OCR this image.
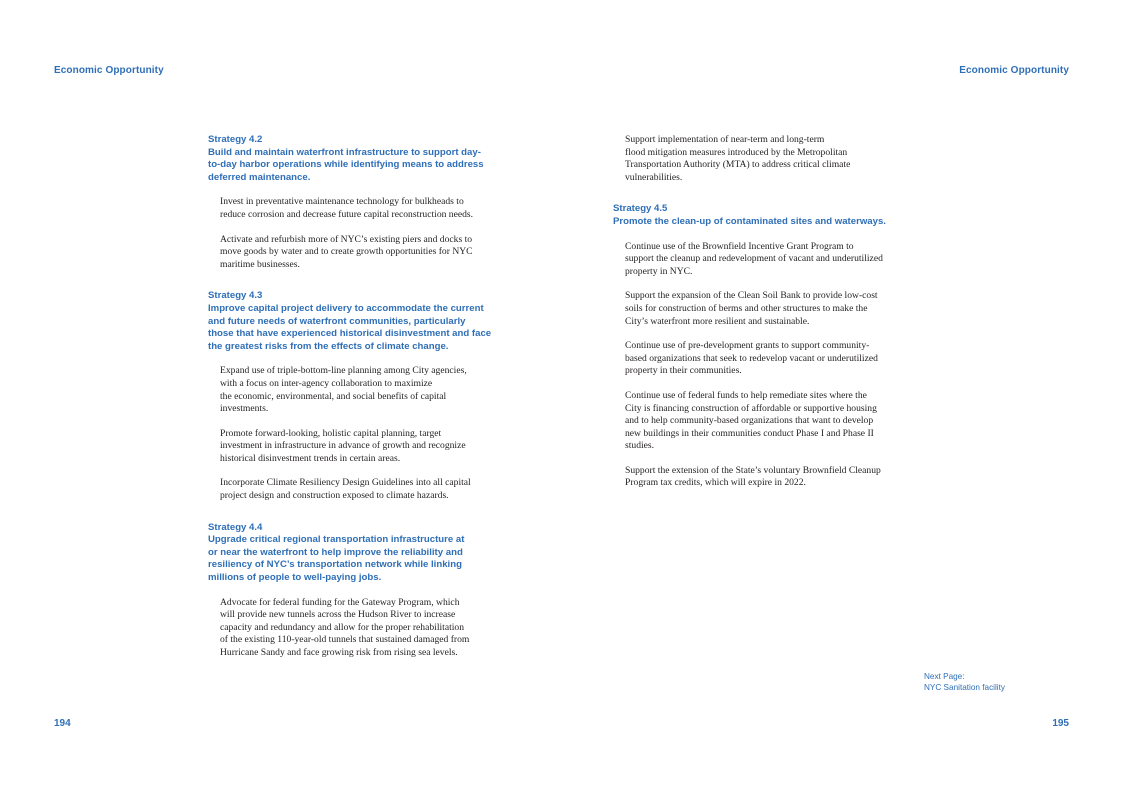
Economic Opportunity	Economic Opportunity
Strategy 4.2
Build and maintain waterfront infrastructure to support day-
to-day harbor operations while identifying means to address
deferred maintenance.
Invest in preventative maintenance technology for bulkheads to
reduce corrosion and decrease future capital reconstruction needs.
Activate and refurbish more of NYC’s existing piers and docks to
move goods by water and to create growth opportunities for NYC
maritime businesses.
Strategy 4.3
Improve capital project delivery to accommodate the current
and future needs of waterfront communities, particularly
those that have experienced historical disinvestment and face
the greatest risks from the effects of climate change.
Expand use of triple-bottom-line planning among City agencies,
with a focus on inter-agency collaboration to maximize
the economic, environmental, and social benefits of capital
investments.
Promote forward-looking, holistic capital planning, target
investment in infrastructure in advance of growth and recognize
historical disinvestment trends in certain areas.
Incorporate Climate Resiliency Design Guidelines into all capital
project design and construction exposed to climate hazards.
Strategy 4.4
Upgrade critical regional transportation infrastructure at
or near the waterfront to help improve the reliability and
resiliency of NYC’s transportation network while linking
millions of people to well-paying jobs.
Advocate for federal funding for the Gateway Program, which
will provide new tunnels across the Hudson River to increase
capacity and redundancy and allow for the proper rehabilitation
of the existing 110-year-old tunnels that sustained damaged from
Hurricane Sandy and face growing risk from rising sea levels.
Support implementation of near-term and long-term
flood mitigation measures introduced by the Metropolitan
Transportation Authority (MTA) to address critical climate
vulnerabilities.
Strategy 4.5
Promote the clean-up of contaminated sites and waterways.
Continue use of the Brownfield Incentive Grant Program to
support the cleanup and redevelopment of vacant and underutilized
property in NYC.
Support the expansion of the Clean Soil Bank to provide low-cost
soils for construction of berms and other structures to make the
City’s waterfront more resilient and sustainable.
Continue use of pre-development grants to support community-
based organizations that seek to redevelop vacant or underutilized
property in their communities.
Continue use of federal funds to help remediate sites where the
City is financing construction of affordable or supportive housing
and to help community-based organizations that want to develop
new buildings in their communities conduct Phase I and Phase II
studies.
Support the extension of the State’s voluntary Brownfield Cleanup
Program tax credits, which will expire in 2022.
Next Page:
NYC Sanitation facility
194	195
